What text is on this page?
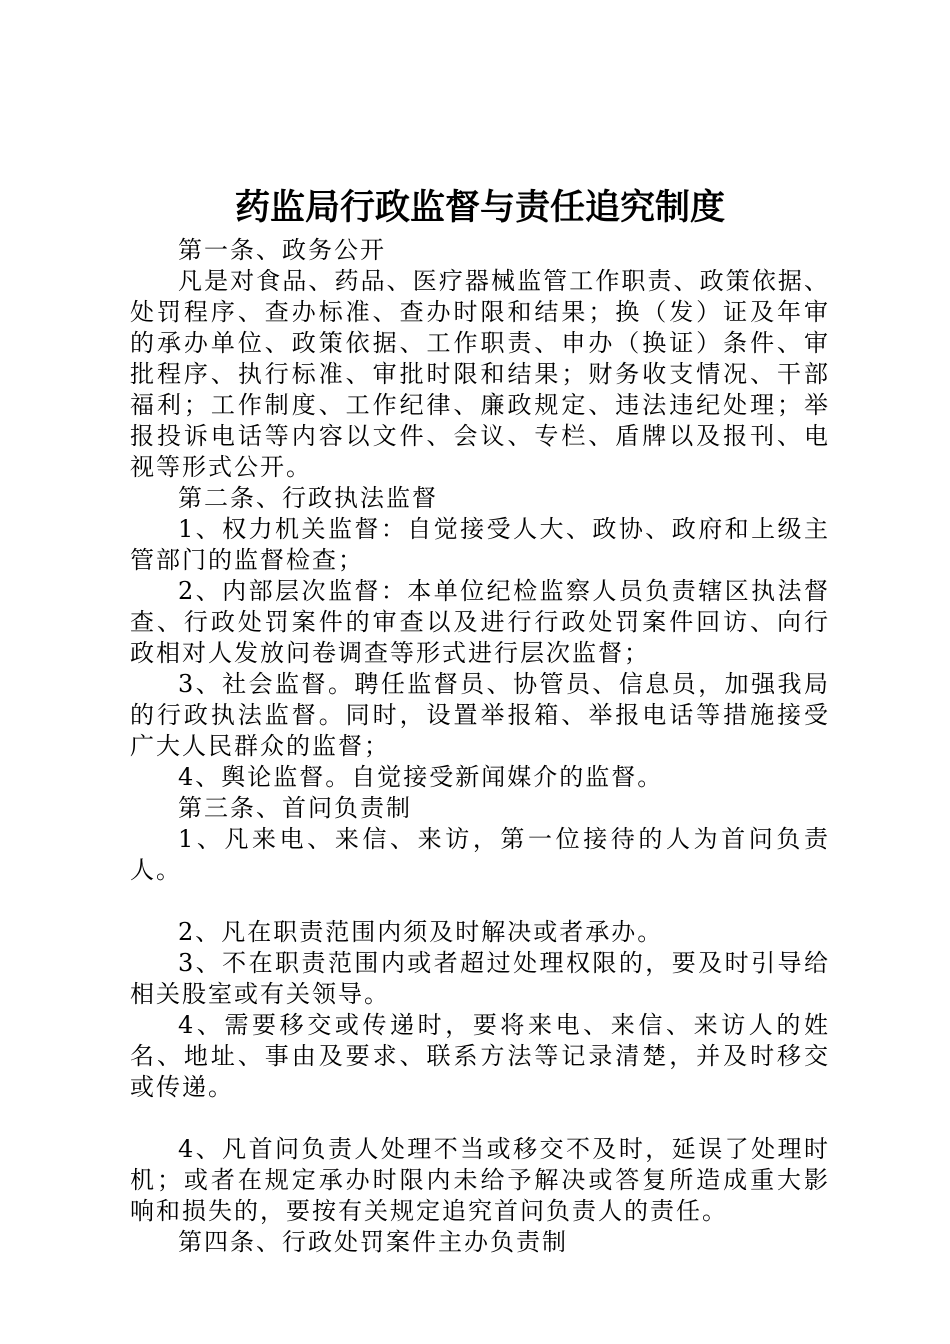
药监局行政监督与责任追究制度

第一条、政务公开

凡是对食品、药品、医疗器械监管工作职责、政策依据、处罚程序、查办标准、查办时限和结果；换（发）证及年审的承办单位、政策依据、工作职责、申办（换证）条件、审批程序、执行标准、审批时限和结果；财务收支情况、干部福利；工作制度、工作纪律、廉政规定、违法违纪处理；举报投诉电话等内容以文件、会议、专栏、盾牌以及报刊、电视等形式公开。

第二条、行政执法监督

1、权力机关监督：自觉接受人大、政协、政府和上级主管部门的监督检查；

2、内部层次监督：本单位纪检监察人员负责辖区执法督查、行政处罚案件的审查以及进行行政处罚案件回访、向行政相对人发放问卷调查等形式进行层次监督；

3、社会监督。聘任监督员、协管员、信息员，加强我局的行政执法监督。同时，设置举报箱、举报电话等措施接受广大人民群众的监督；

4、舆论监督。自觉接受新闻媒介的监督。

第三条、首问负责制

1、凡来电、来信、来访，第一位接待的人为首问负责人。

2、凡在职责范围内须及时解决或者承办。

3、不在职责范围内或者超过处理权限的，要及时引导给相关股室或有关领导。

4、需要移交或传递时，要将来电、来信、来访人的姓名、地址、事由及要求、联系方法等记录清楚，并及时移交或传递。

4、凡首问负责人处理不当或移交不及时，延误了处理时机；或者在规定承办时限内未给予解决或答复所造成重大影响和损失的，要按有关规定追究首问负责人的责任。

第四条、行政处罚案件主办负责制
